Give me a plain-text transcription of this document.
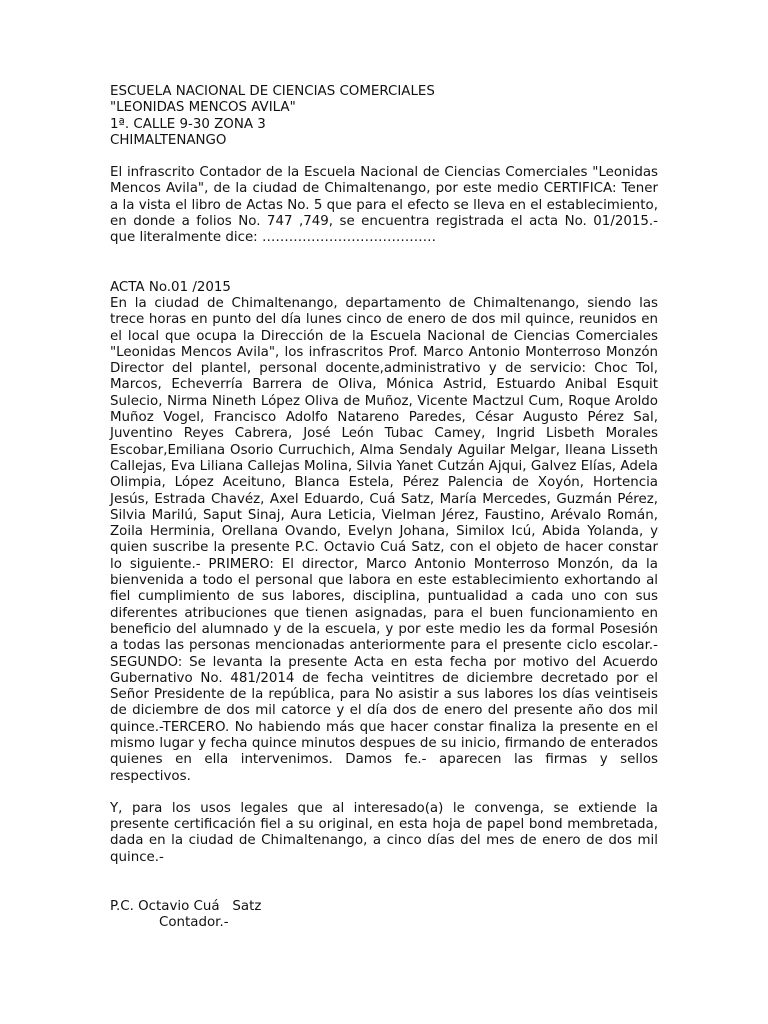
ESCUELA NACIONAL DE CIENCIAS COMERCIALES

"LEONIDAS MENCOS AVILA"

1ª. CALLE 9-30 ZONA 3

CHIMALTENANGO

El infrascrito Contador de la Escuela Nacional de Ciencias Comerciales "Leonidas Mencos Avila", de la ciudad de Chimaltenango, por este medio CERTIFICA: Tener a la vista el libro de Actas No. 5 que para el efecto se lleva en el establecimiento, en donde a folios No. 747 ,749, se encuentra registrada el acta No. 01/2015.- que literalmente dice: …………………………………

ACTA No.01 /2015

En la ciudad de Chimaltenango, departamento de Chimaltenango, siendo las trece horas en punto del día lunes cinco de enero de dos mil quince, reunidos en el local que ocupa la Dirección de la Escuela Nacional de Ciencias Comerciales "Leonidas Mencos Avila", los infrascritos Prof. Marco Antonio Monterroso Monzón Director del plantel, personal docente,administrativo y de servicio: Choc Tol, Marcos, Echeverría Barrera de Oliva, Mónica Astrid, Estuardo Anibal Esquit Sulecio, Nirma Nineth López Oliva de Muñoz, Vicente Mactzul Cum, Roque Aroldo Muñoz Vogel, Francisco Adolfo Natareno Paredes, César Augusto Pérez Sal, Juventino Reyes Cabrera, José León Tubac Camey, Ingrid Lisbeth Morales Escobar,Emiliana Osorio Curruchich, Alma Sendaly Aguilar Melgar, Ileana Lisseth Callejas, Eva Liliana Callejas Molina, Silvia Yanet Cutzán Ajqui, Galvez Elías, Adela Olimpia, López Aceituno, Blanca Estela, Pérez Palencia de Xoyón, Hortencia Jesús, Estrada Chavéz, Axel Eduardo, Cuá Satz, María Mercedes, Guzmán Pérez, Silvia Marilú, Saput Sinaj, Aura Leticia, Vielman Jérez, Faustino, Arévalo Román, Zoila Herminia, Orellana Ovando, Evelyn Johana, Similox Icú, Abida Yolanda, y quien suscribe la presente P.C. Octavio Cuá Satz, con el objeto de hacer constar lo siguiente.- PRIMERO: El director, Marco Antonio Monterroso Monzón, da la bienvenida a todo el personal que labora en este establecimiento exhortando al fiel cumplimiento de sus labores, disciplina, puntualidad a cada uno con sus diferentes atribuciones que tienen asignadas, para el buen funcionamiento en beneficio del alumnado y de la escuela, y por este medio les da formal Posesión a todas las personas mencionadas anteriormente para el presente ciclo escolar.-SEGUNDO: Se levanta la presente Acta en esta fecha por motivo del Acuerdo Gubernativo No. 481/2014 de fecha veintitres de diciembre decretado por el Señor Presidente de la república, para No asistir a sus labores los días veintiseis de diciembre de dos mil catorce y el día dos de enero del presente año dos mil quince.-TERCERO. No habiendo más que hacer constar finaliza la presente en el mismo lugar y fecha quince minutos despues de su inicio, firmando de enterados quienes en ella intervenimos. Damos fe.- aparecen las firmas y sellos respectivos.

Y, para los usos legales que al interesado(a) le convenga, se extiende la presente certificación fiel a su original, en esta hoja de papel bond membretada, dada en la ciudad de Chimaltenango, a cinco días del mes de enero de dos mil quince.-

P.C. Octavio Cuá   Satz

Contador.-
